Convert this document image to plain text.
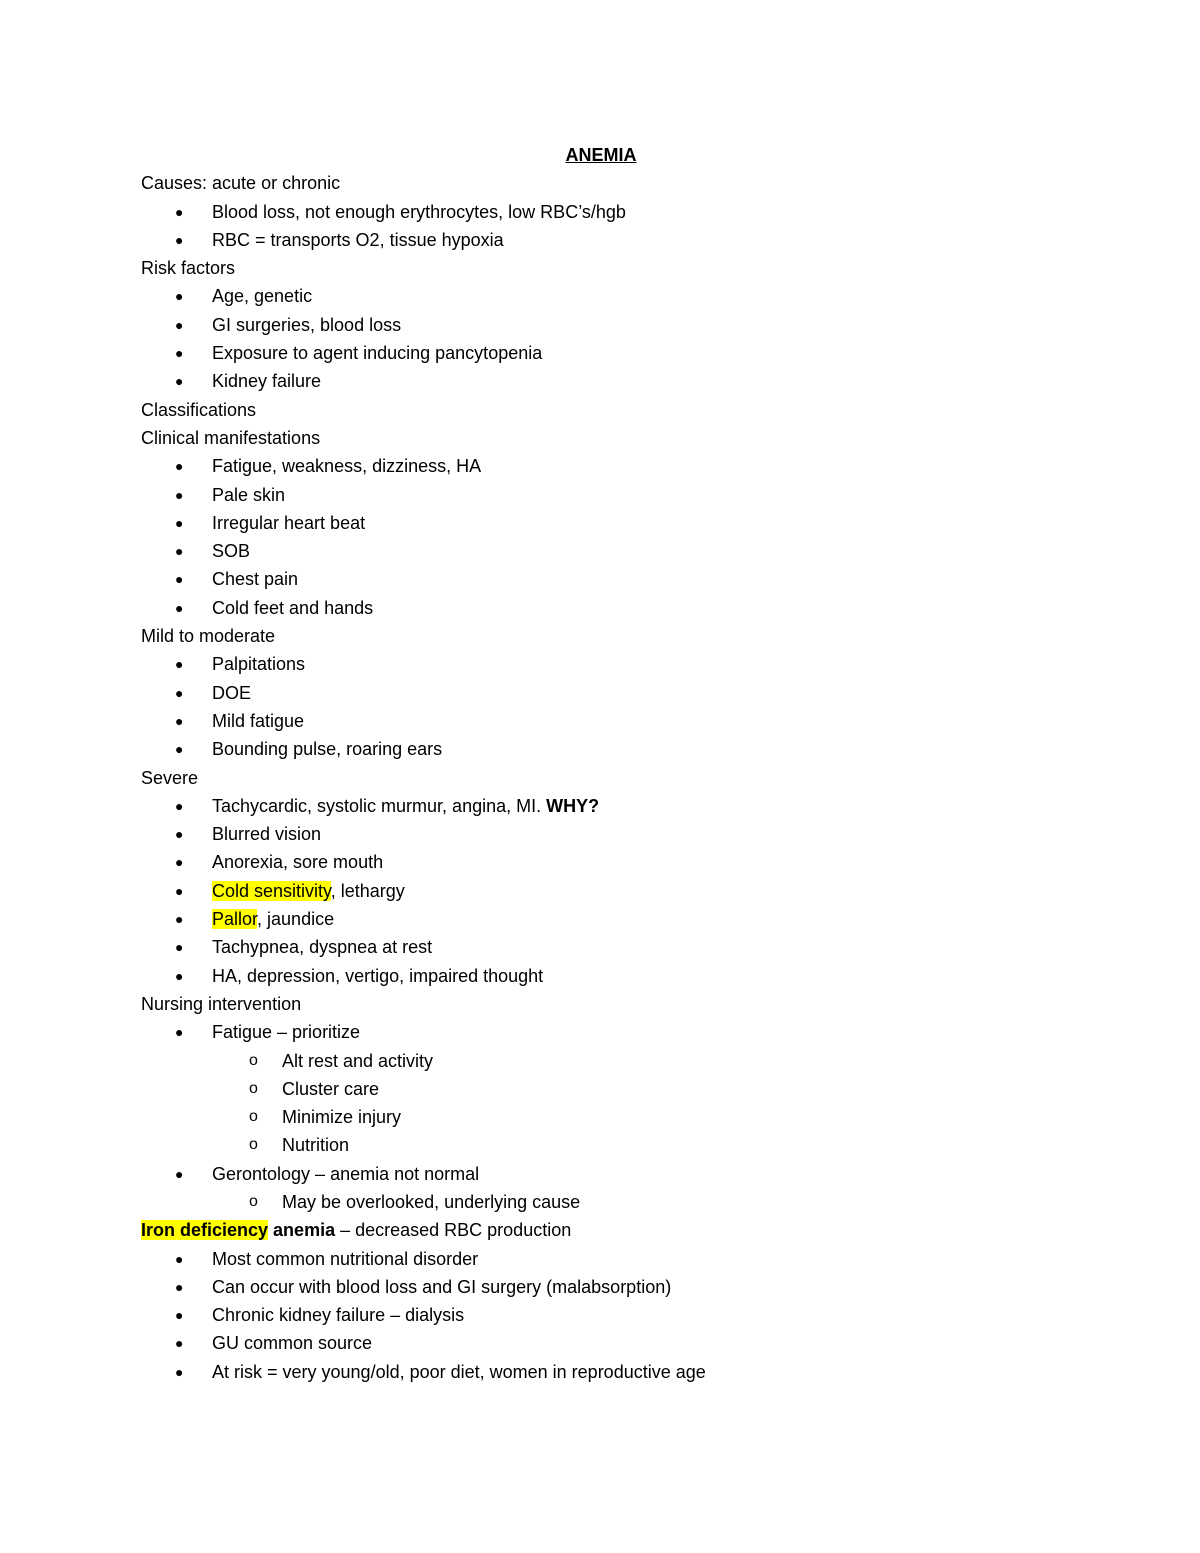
ANEMIA
Causes: acute or chronic
● Blood loss, not enough erythrocytes, low RBC’s/hgb
● RBC = transports O2, tissue hypoxia
Risk factors
● Age, genetic
● GI surgeries, blood loss
● Exposure to agent inducing pancytopenia
● Kidney failure
Classifications
Clinical manifestations
● Fatigue, weakness, dizziness, HA
● Pale skin
● Irregular heart beat
● SOB
● Chest pain
● Cold feet and hands
Mild to moderate
● Palpitations
● DOE
● Mild fatigue
● Bounding pulse, roaring ears
Severe
● Tachycardic, systolic murmur, angina, MI. WHY?
● Blurred vision
● Anorexia, sore mouth
● Cold sensitivity, lethargy
● Pallor, jaundice
● Tachypnea, dyspnea at rest
● HA, depression, vertigo, impaired thought
Nursing intervention
● Fatigue – prioritize
o Alt rest and activity
o Cluster care
o Minimize injury
o Nutrition
● Gerontology – anemia not normal
o May be overlooked, underlying cause
Iron deficiency anemia – decreased RBC production
● Most common nutritional disorder
● Can occur with blood loss and GI surgery (malabsorption)
● Chronic kidney failure – dialysis
● GU common source
● At risk = very young/old, poor diet, women in reproductive age
